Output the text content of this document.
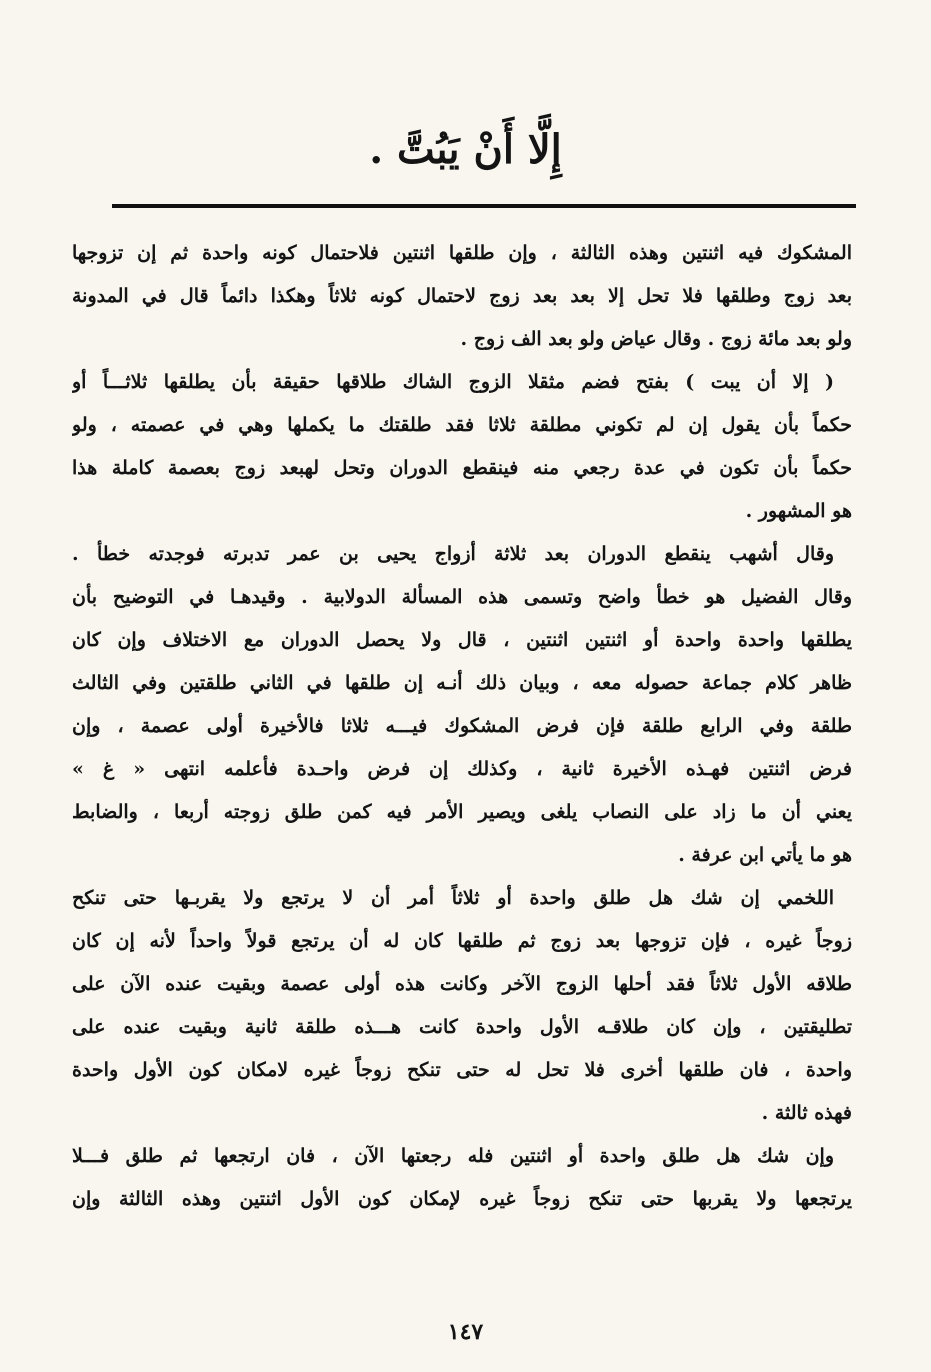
إِلَّا أَنْ يَبُتَّ .
المشكوك فيه اثنتين وهذه الثالثة ، وإن طلقها اثنتين فلاحتمال كونه واحدة ثم إن تزوجها
بعد زوج وطلقها فلا تحل إلا بعد بعد زوج لاحتمال كونه ثلاثاً وهكذا دائماً قال في المدونة
ولو بعد مائة زوج . وقال عياض ولو بعد الف زوج .
( إلا أن يبت ) بفتح فضم مثقلا الزوج الشاك طلاقها حقيقة بأن يطلقها ثلاثـــاً أو
حكماً بأن يقول إن لم تكوني مطلقة ثلاثا فقد طلقتك ما يكملها وهي في عصمته ، ولو
حكماً بأن تكون في عدة رجعي منه فينقطع الدوران وتحل لهبعد زوج بعصمة كاملة هذا
هو المشهور .
وقال أشهب ينقطع الدوران بعد ثلاثة أزواج يحيى بن عمر تدبرته فوجدته خطأ .
وقال الفضيل هو خطأ واضح وتسمى هذه المسألة الدولابية . وقيدهـا في التوضيح بأن
يطلقها واحدة واحدة أو اثنتين اثنتين ، قال ولا يحصل الدوران مع الاختلاف وإن كان
ظاهر كلام جماعة حصوله معه ، وبيان ذلك أنـه إن طلقها في الثاني طلقتين وفي الثالث
طلقة وفي الرابع طلقة فإن فرض المشكوك فيـــه ثلاثا فالأخيرة أولى عصمة ، وإن
فرض اثنتين فهـذه الأخيرة ثانية ، وكذلك إن فرض واحـدة فأعلمه انتهى « غ »
يعني أن ما زاد على النصاب يلغى ويصير الأمر فيه كمن طلق زوجته أربعا ، والضابط
هو ما يأتي ابن عرفة .
اللخمي إن شك هل طلق واحدة أو ثلاثاً أمر أن لا يرتجع ولا يقربـها حتى تنكح
زوجاً غيره ، فإن تزوجها بعد زوج ثم طلقها كان له أن يرتجع قولاً واحداً لأنه إن كان
طلاقه الأول ثلاثاً فقد أحلها الزوج الآخر وكانت هذه أولى عصمة وبقيت عنده الآن على
تطليقتين ، وإن كان طلاقـه الأول واحدة كانت هـــذه طلقة ثانية وبقيت عنده على
واحدة ، فان طلقها أخرى فلا تحل له حتى تنكح زوجاً غيره لامكان كون الأول واحدة
فهذه ثالثة .
وإن شك هل طلق واحدة أو اثنتين فله رجعتها الآن ، فان ارتجعها ثم طلق فـــلا
يرتجعها ولا يقربها حتى تنكح زوجاً غيره لإمكان كون الأول اثنتين وهذه الثالثة وإن
١٤٧
